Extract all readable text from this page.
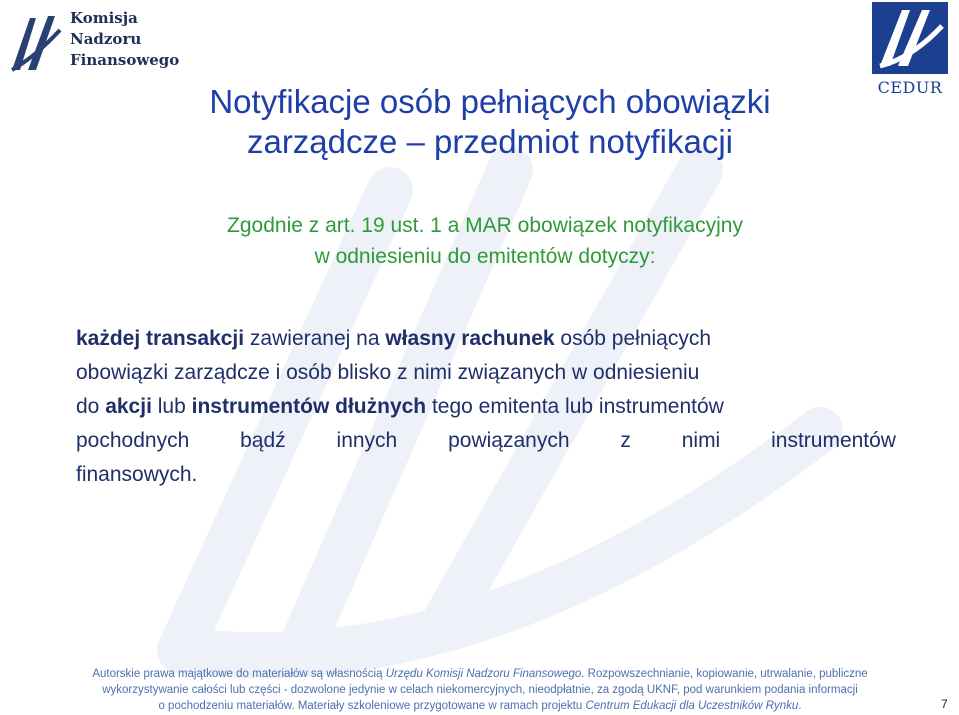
Komisja
Nadzoru
Finansowego
CEDUR
Notyfikacje osób pełniących obowiązki
zarządcze – przedmiot notyfikacji
Zgodnie z art. 19 ust. 1 a MAR obowiązek notyfikacyjny
w odniesieniu do emitentów dotyczy:
każdej transakcji zawieranej na własny rachunek osób pełniących
obowiązki zarządcze i osób blisko z nimi związanych w odniesieniu
do akcji lub instrumentów dłużnych tego emitenta lub instrumentów
pochodnych bądź innych powiązanych z nimi instrumentów
finansowych.
Autorskie prawa majątkowe do materiałów są własnością Urzędu Komisji Nadzoru Finansowego. Rozpowszechnianie, kopiowanie, utrwalanie, publiczne
wykorzystywanie całości lub części - dozwolone jedynie w celach niekomercyjnych, nieodpłatnie, za zgodą UKNF, pod warunkiem podania informacji
o pochodzeniu materiałów. Materiały szkoleniowe przygotowane w ramach projektu Centrum Edukacji dla Uczestników Rynku.	7
